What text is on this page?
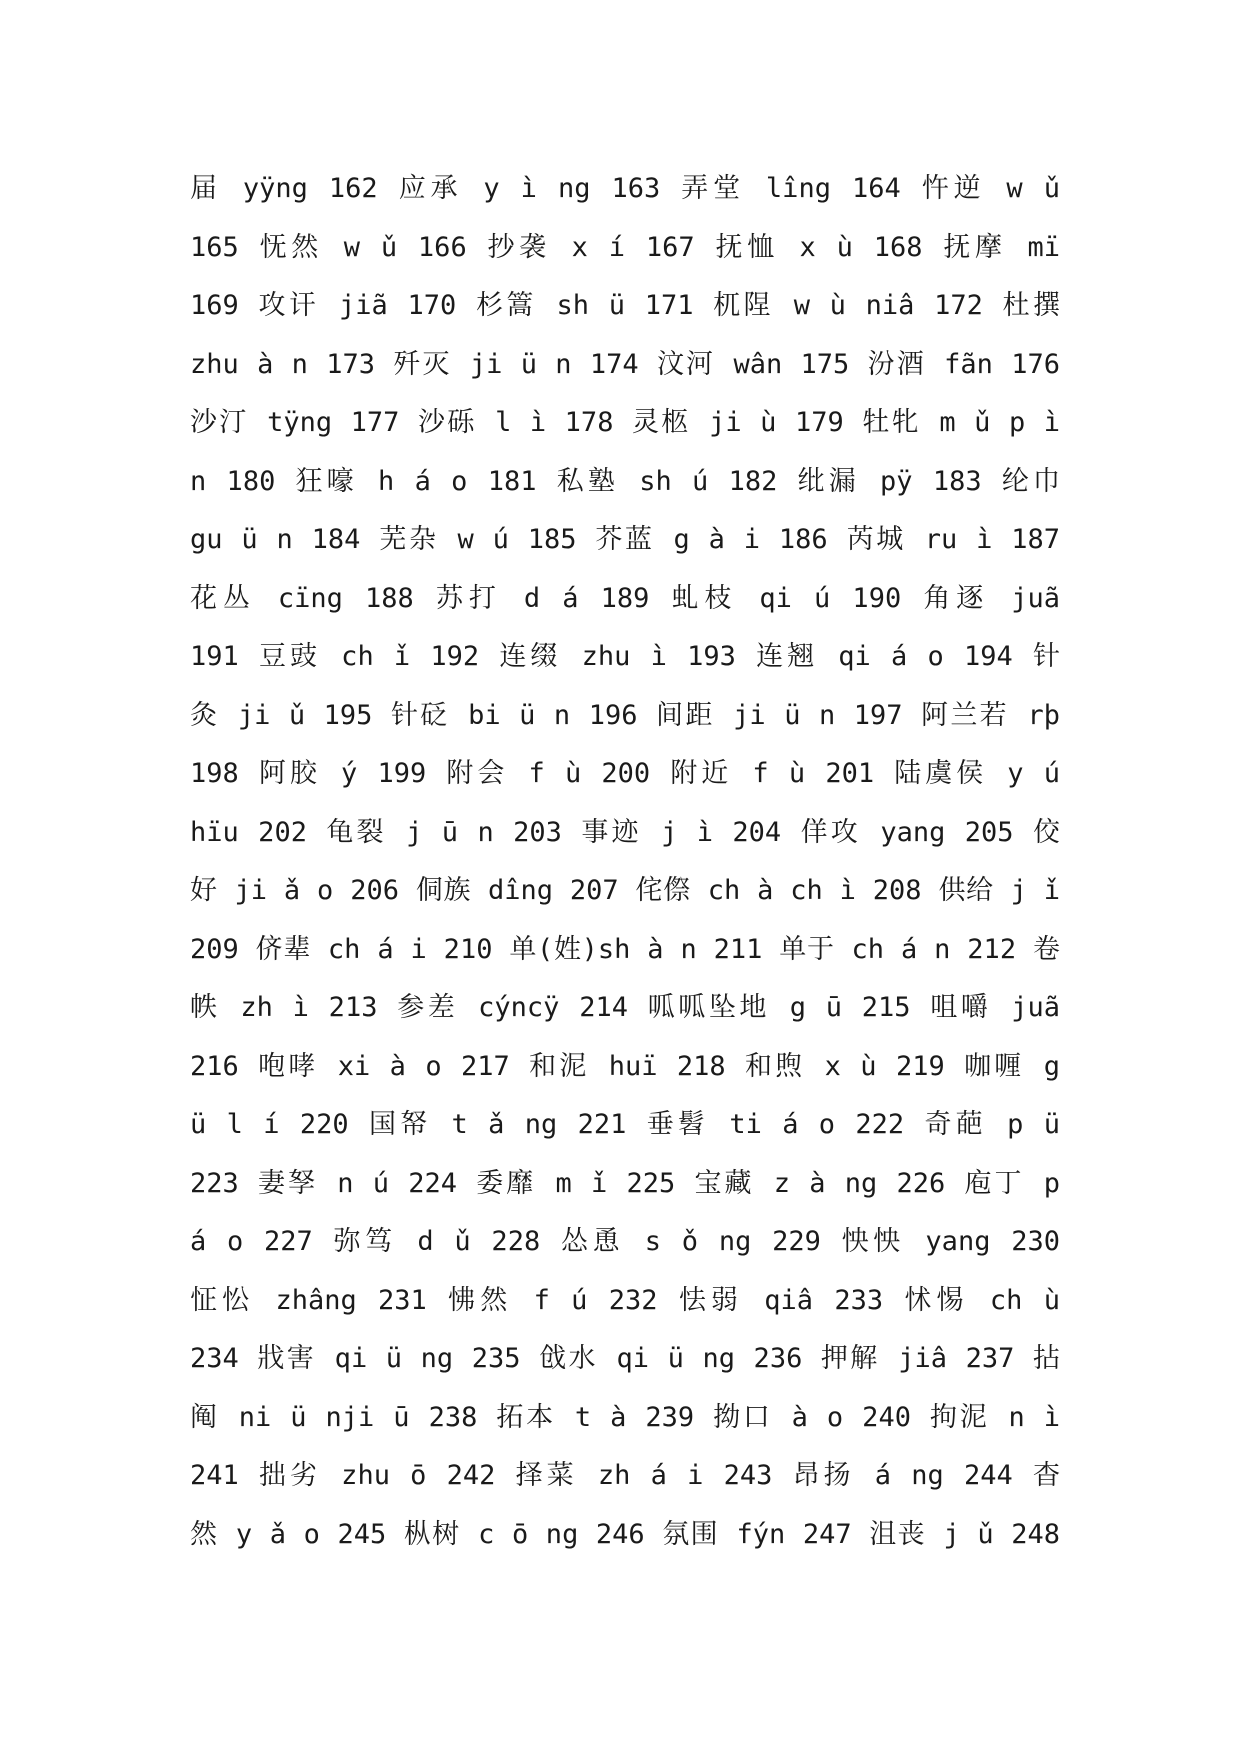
届 yÿng 162 应承 y ì ng 163 弄堂 lîng 164 忤逆 w ǔ
165 怃然 w ǔ 166 抄袭 x í 167 抚恤 x ù 168 抚摩 mï
169 攻讦 jiã 170 杉篙 sh ü 171 杌陧 w ù niâ 172 杜撰
zhu à n 173 歼灭 ji ü n 174 汶河 wân 175 汾酒 fãn 176
沙汀 tÿng 177 沙砾 l ì 178 灵柩 ji ù 179 牡牝 m ǔ p ì
n 180 狂嚎 h á o 181 私塾 sh ú 182 纰漏 pÿ 183 纶巾
gu ü n 184 芜杂 w ú 185 芥蓝 g à i 186 芮城 ru ì 187
花丛 cïng 188 苏打 d á 189 虬枝 qi ú 190 角逐 juã
191 豆豉 ch ǐ 192 连缀 zhu ì 193 连翘 qi á o 194 针
灸 ji ǔ 195 针砭 bi ü n 196 间距 ji ü n 197 阿兰若 rþ
198 阿胶 ý 199 附会 f ù 200 附近 f ù 201 陆虞侯 y ú
hïu 202 龟裂 j ū n 203 事迹 j ì 204 佯攻 yang 205 佼
好 ji ǎ o 206 侗族 dîng 207 侘傺 ch à ch ì 208 供给 j ǐ
209 侪辈 ch á i 210 单(姓)sh à n 211 单于 ch á n 212 卷
帙 zh ì 213 参差 cýncÿ 214 呱呱坠地 g ū 215 咀嚼 juã
216 咆哮 xi à o 217 和泥 huï 218 和煦 x ù 219 咖喱 g
ü l í 220 国帑 t ǎ ng 221 垂髫 ti á o 222 奇葩 p ü
223 妻孥 n ú 224 委靡 m ǐ 225 宝藏 z à ng 226 庖丁 p
á o 227 弥笃 d ǔ 228 怂恿 s ǒ ng 229 怏怏 yang 230
怔忪 zhâng 231 怫然 f ú 232 怯弱 qiâ 233 怵惕 ch ù
234 戕害 qi ü ng 235 戗水 qi ü ng 236 押解 jiâ 237 拈
阄 ni ü nji ū 238 拓本 t à 239 拗口 à o 240 拘泥 n ì
241 拙劣 zhu ō 242 择菜 zh á i 243 昂扬 á ng 244 杳
然 y ǎ o 245 枞树 c ō ng 246 氛围 fýn 247 沮丧 j ǔ 248
